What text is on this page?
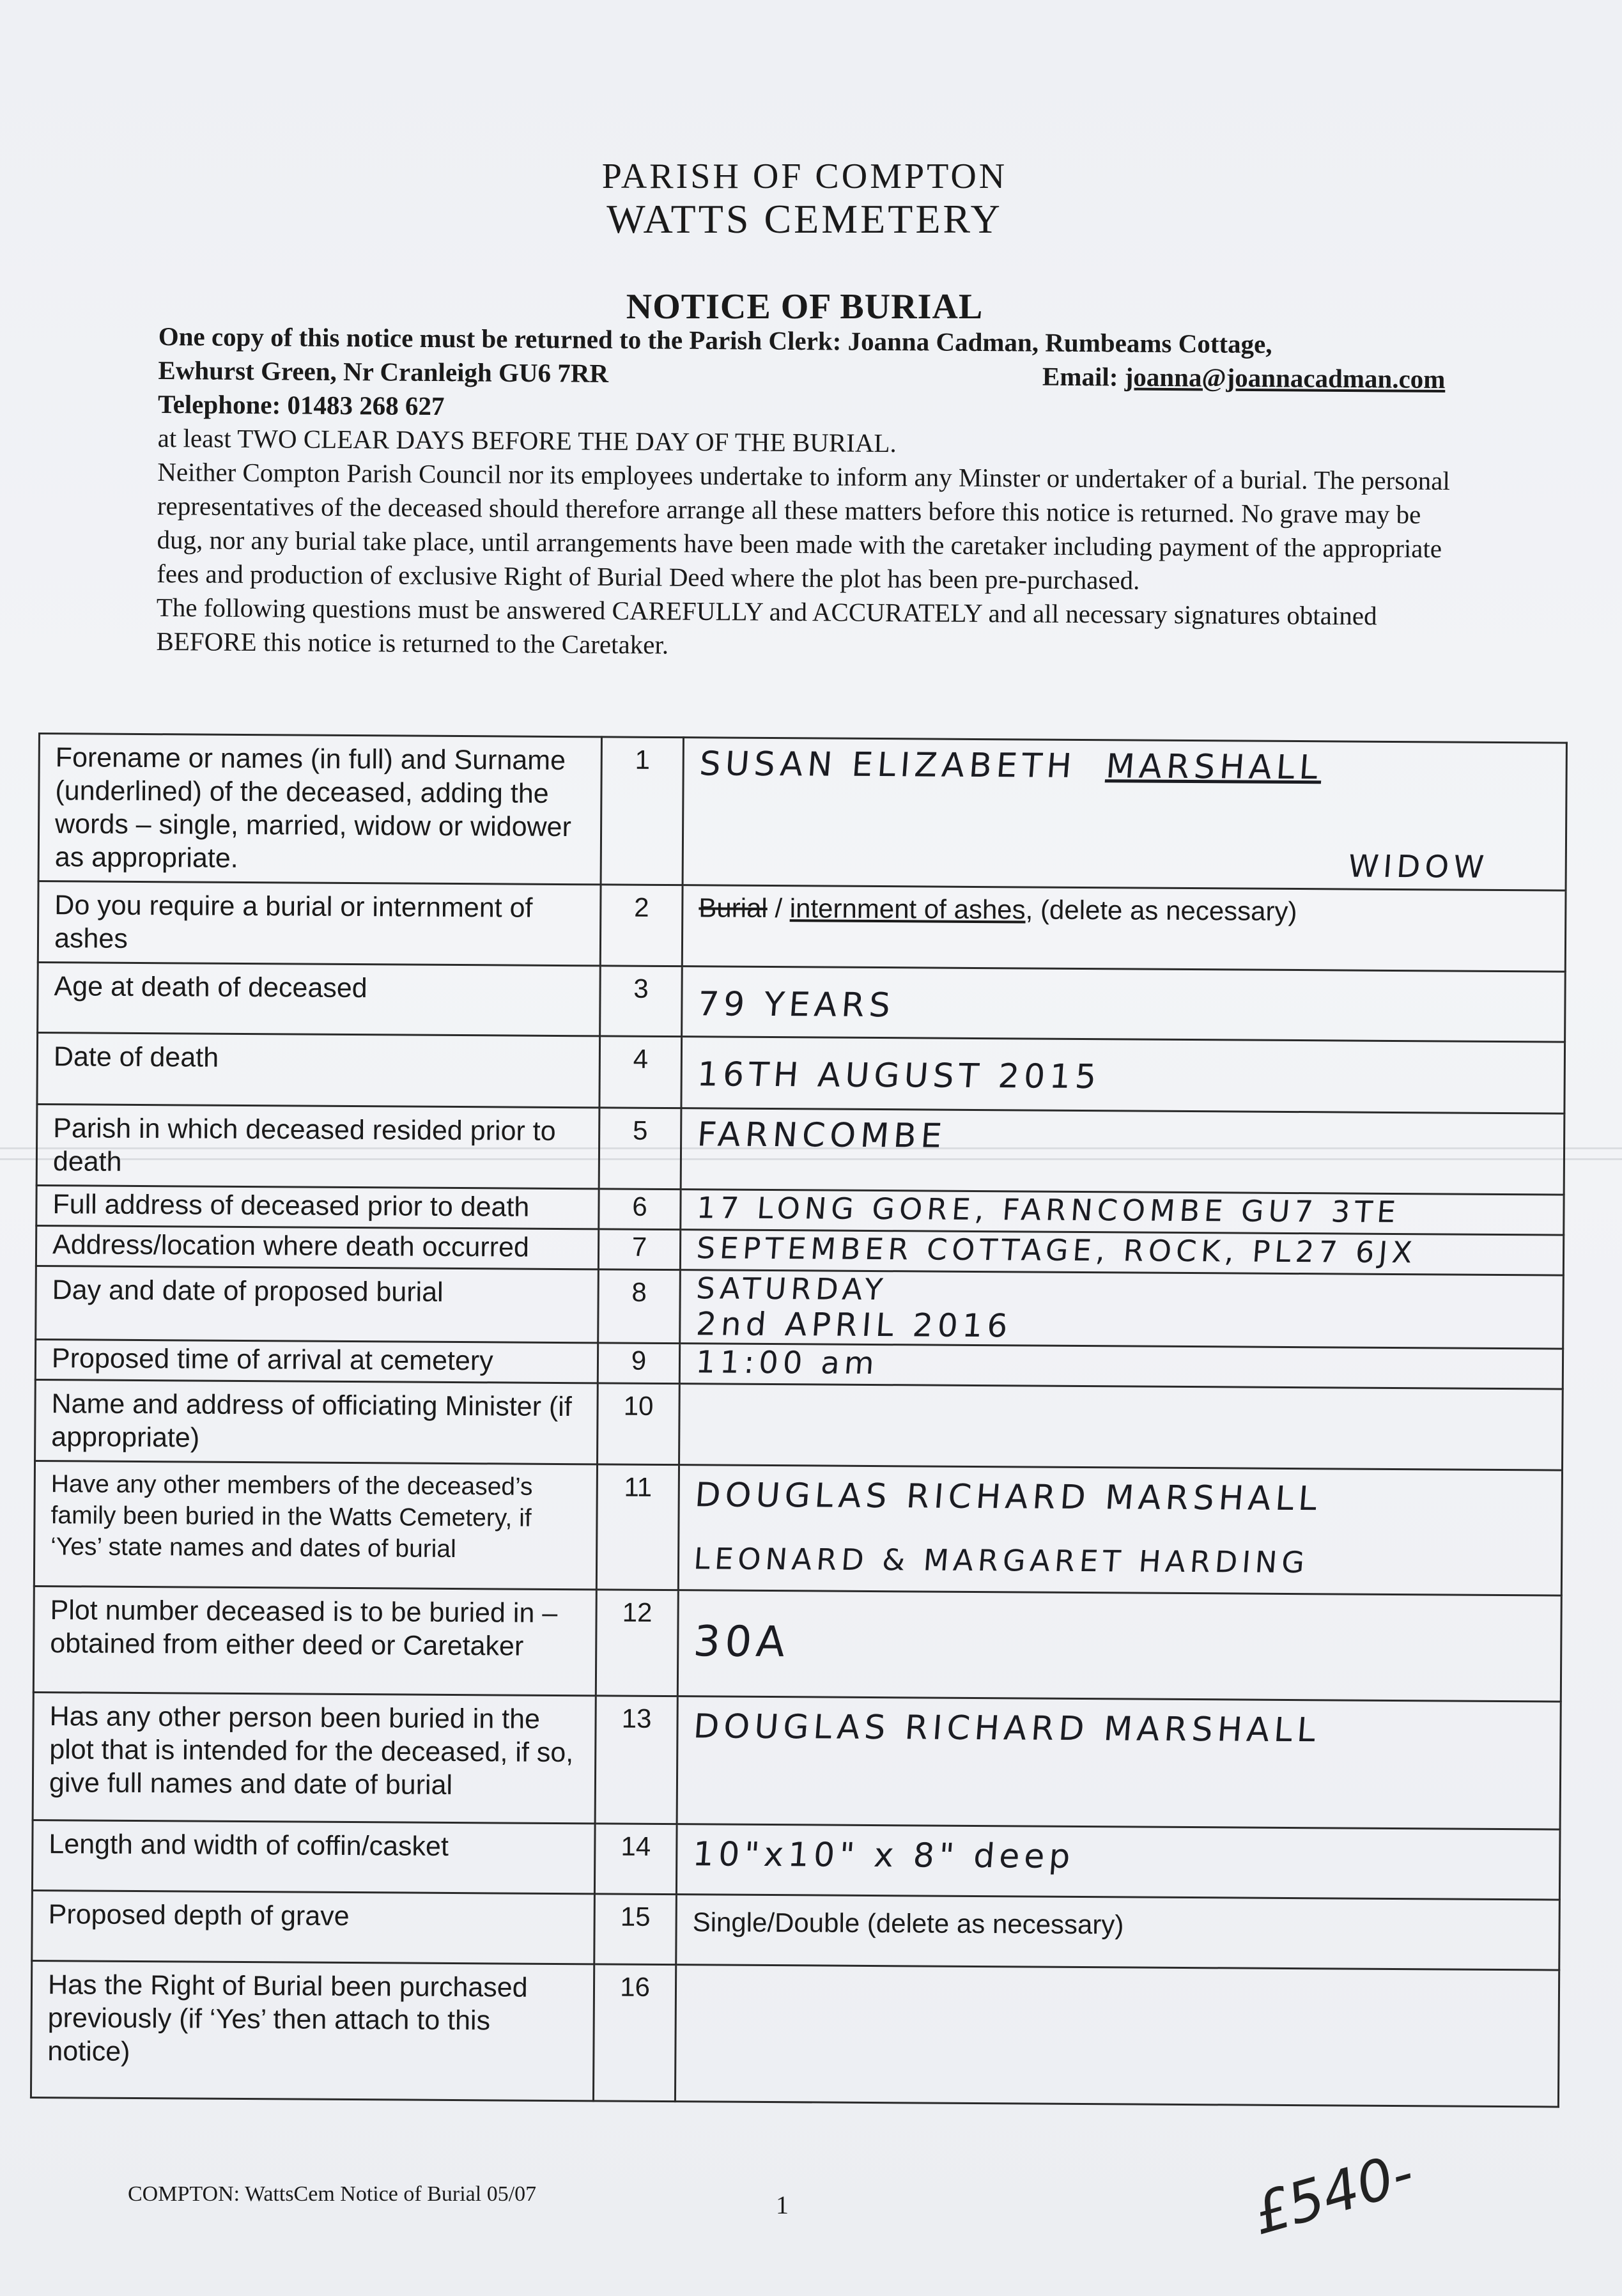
PARISH OF COMPTON
WATTS CEMETERY
NOTICE OF BURIAL
One copy of this notice must be returned to the Parish Clerk: Joanna Cadman, Rumbeams Cottage,
Ewhurst Green, Nr Cranleigh GU6 7RR	Email: joanna@joannacadman.com
Telephone: 01483 268 627
at least TWO CLEAR DAYS BEFORE THE DAY OF THE BURIAL.
Neither Compton Parish Council nor its employees undertake to inform any Minster or undertaker of a burial. The personal representatives of the deceased should therefore arrange all these matters before this notice is returned. No grave may be dug, nor any burial take place, until arrangements have been made with the caretaker including payment of the appropriate fees and production of exclusive Right of Burial Deed where the plot has been pre-purchased.
The following questions must be answered CAREFULLY and ACCURATELY and all necessary signatures obtained BEFORE this notice is returned to the Caretaker.
Forename or names (in full) and Surname (underlined) of the deceased, adding the words – single, married, widow or widower as appropriate.	1	SUSAN ELIZABETH MARSHALL
WIDOW

Do you require a burial or internment of ashes	2	Burial / internment of ashes, (delete as necessary)
Age at death of deceased	3	79 YEARS

Date of death	4	16TH AUGUST 2015

Parish in which deceased resided prior to death	5	FARNCOMBE

Full address of deceased prior to death	6	17 LONG GORE, FARNCOMBE GU7 3TE

Address/location where death occurred	7	SEPTEMBER COTTAGE, ROCK, PL27 6JX

Day and date of proposed burial	8	SATURDAY
2nd APRIL 2016

Proposed time of arrival at cemetery	9	11:00 am

Name and address of officiating Minister (if appropriate)	10	

Have any other members of the deceased’s family been buried in the Watts Cemetery, if ‘Yes’ state names and dates of burial	11	DOUGLAS RICHARD MARSHALL
LEONARD & MARGARET HARDING

Plot number deceased is to be buried in – obtained from either deed or Caretaker	12	30A

Has any other person been buried in the plot that is intended for the deceased, if so, give full names and date of burial	13	DOUGLAS RICHARD MARSHALL

Length and width of coffin/casket	14	10"x10" x 8" deep

Proposed depth of grave	15	Single/Double (delete as necessary)
Has the Right of Burial been purchased previously (if ‘Yes’ then attach to this notice)	16	
COMPTON: WattsCem Notice of Burial 05/07	1	£540-
